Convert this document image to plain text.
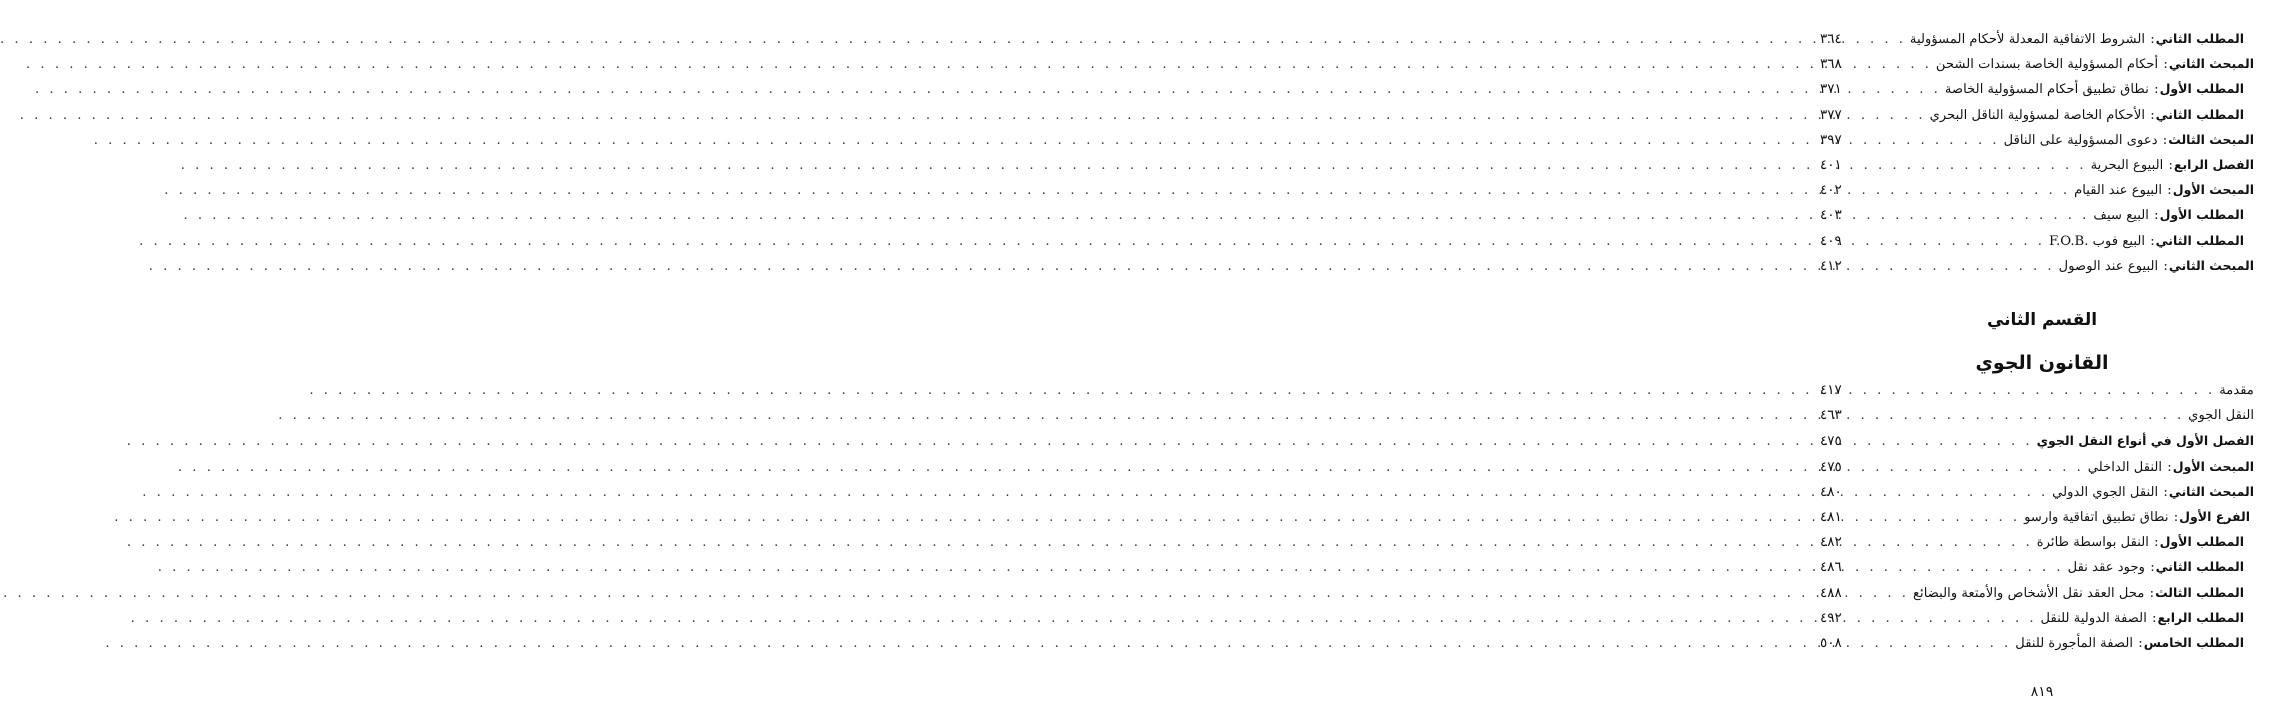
المطلب الثاني: الشروط الاتفاقية المعدلة لأحكام المسؤولية
. . .
٣٦٤
المبحث الثاني: أحكام المسؤولية الخاصة بسندات الشحن
. . .
٣٦٨
المطلب الأول: نطاق تطبيق أحكام المسؤولية الخاصة
. . .
٣٧١
المطلب الثاني: الأحكام الخاصة لمسؤولية الناقل البحري
. . .
٣٧٧
المبحث الثالث: دعوى المسؤولية على الناقل
. . .
٣٩٧
الفصل الرابع: البيوع البحرية
. . .
٤٠١
المبحث الأول: البيوع عند القيام
. . .
٤٠٢
المطلب الأول: البيع سيف
. . .
٤٠٣
المطلب الثاني: البيع فوب .F.O.B
. . .
٤٠٩
المبحث الثاني: البيوع عند الوصول
. . .
٤١٢
القسم الثاني
القانون الجوي
مقدمة
. . .
٤١٧
النقل الجوي
. . .
٤٦٣
الفصل الأول في أنواع النقل الجوي
. . .
٤٧٥
المبحث الأول: النقل الداخلي
. . .
٤٧٥
المبحث الثاني: النقل الجوي الدولي
. . .
٤٨٠
الفرع الأول: نطاق تطبيق اتفاقية وارسو
. . .
٤٨١
المطلب الأول: النقل بواسطة طائرة
. . .
٤٨٢
المطلب الثاني: وجود عقد نقل
. . .
٤٨٦
المطلب الثالث: محل العقد نقل الأشخاص والأمتعة والبضائع
. . .
٤٨٨
المطلب الرابع: الصفة الدولية للنقل
. . .
٤٩٢
المطلب الخامس: الصفة المأجورة للنقل
. . .
٥٠٨
٨١٩
